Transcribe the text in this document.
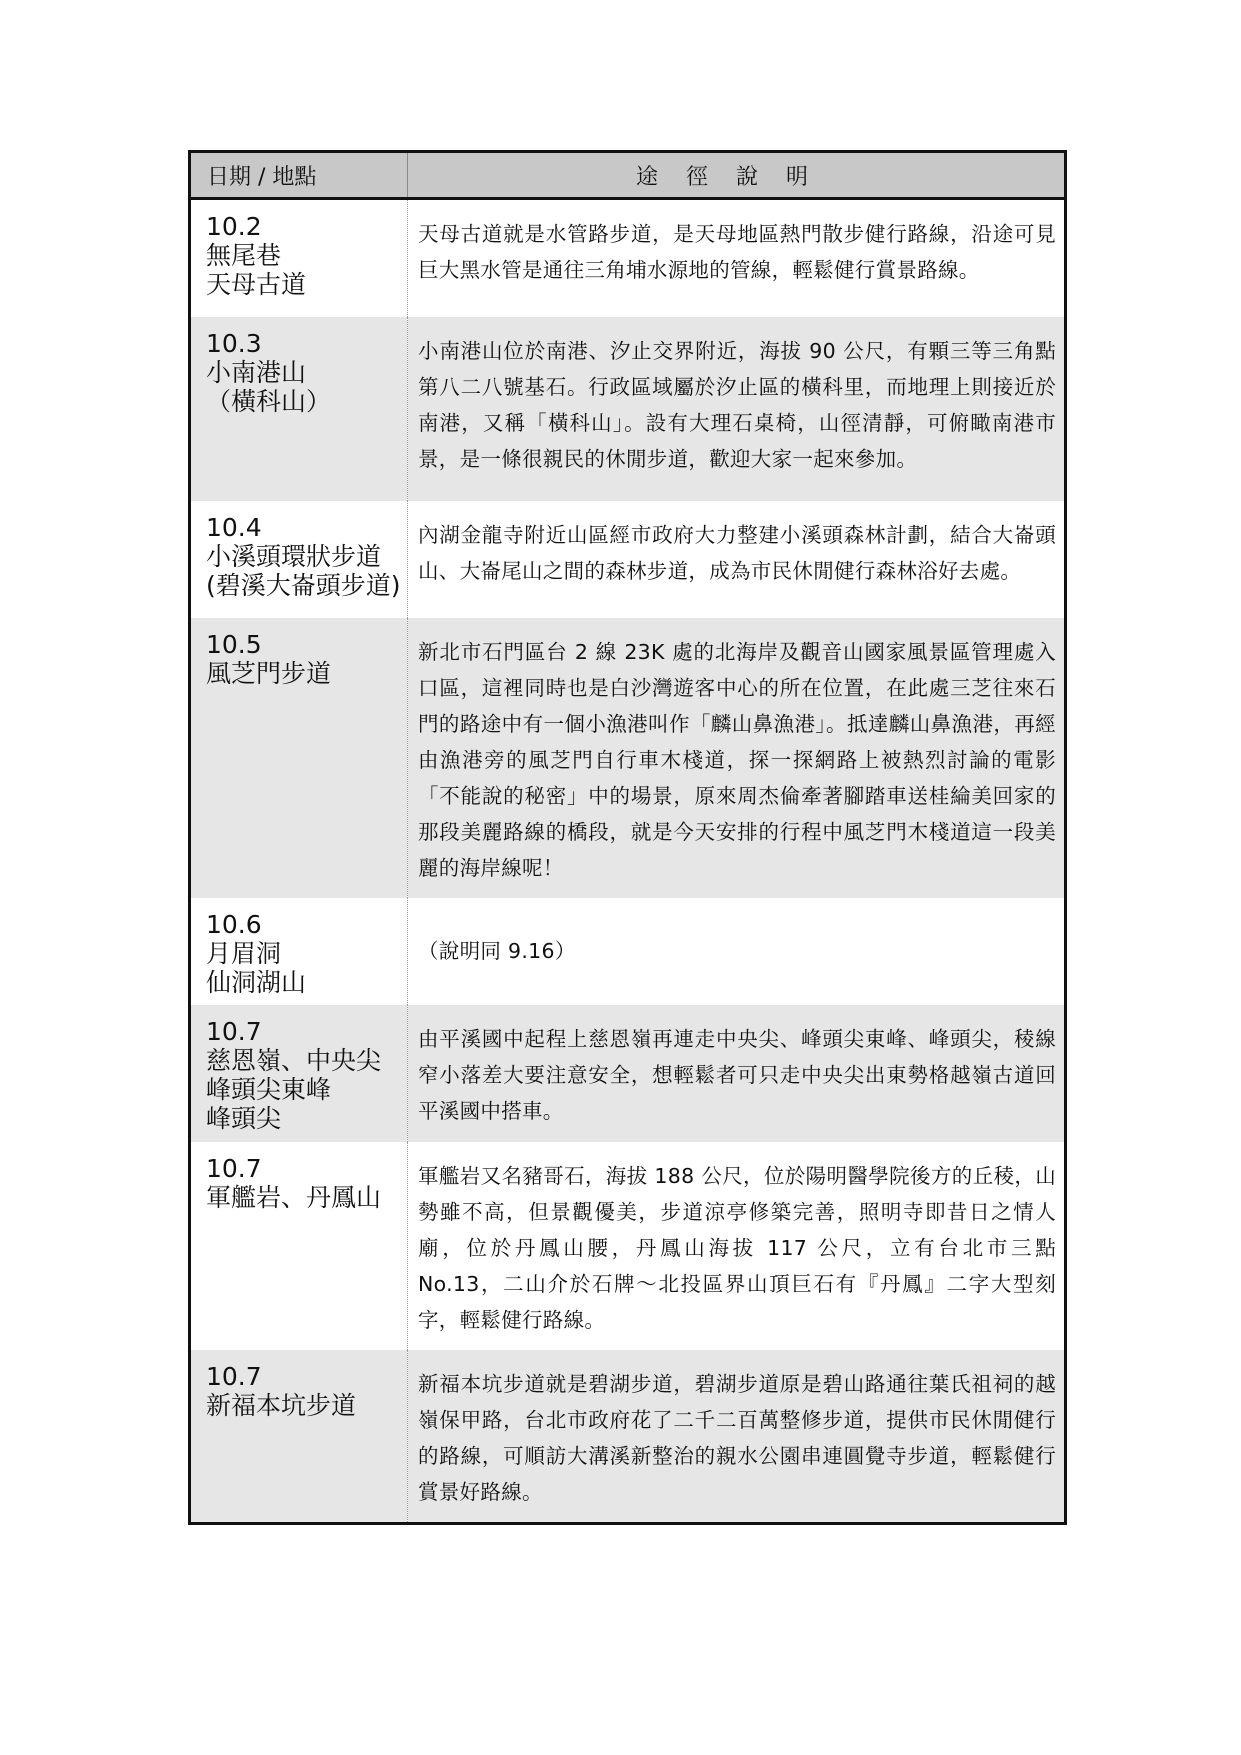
日期 / 地點	途徑說明

10.2
無尾巷
天母古道	天母古道就是水管路步道，是天母地區熱門散步健行路線，沿途可見巨大黑水管是通往三角埔水源地的管線，輕鬆健行賞景路線。

10.3
小南港山
（橫科山）	小南港山位於南港、汐止交界附近，海拔 90 公尺，有顆三等三角點第八二八號基石。行政區域屬於汐止區的橫科里，而地理上則接近於南港，又稱「橫科山」。設有大理石桌椅，山徑清靜，可俯瞰南港市景，是一條很親民的休閒步道，歡迎大家一起來參加。

10.4
小溪頭環狀步道
(碧溪大崙頭步道)	內湖金龍寺附近山區經市政府大力整建小溪頭森林計劃，結合大崙頭山、大崙尾山之間的森林步道，成為市民休閒健行森林浴好去處。

10.5
風芝門步道	新北市石門區台 2 線 23K 處的北海岸及觀音山國家風景區管理處入口區，這裡同時也是白沙灣遊客中心的所在位置，在此處三芝往來石門的路途中有一個小漁港叫作「麟山鼻漁港」。抵達麟山鼻漁港，再經由漁港旁的風芝門自行車木棧道，探一探網路上被熱烈討論的電影「不能說的秘密」中的場景，原來周杰倫牽著腳踏車送桂綸美回家的那段美麗路線的橋段，就是今天安排的行程中風芝門木棧道這一段美麗的海岸線呢！

10.6
月眉洞
仙洞湖山	（說明同 9.16）

10.7
慈恩嶺、中央尖
峰頭尖東峰
峰頭尖	由平溪國中起程上慈恩嶺再連走中央尖、峰頭尖東峰、峰頭尖，稜線窄小落差大要注意安全，想輕鬆者可只走中央尖出東勢格越嶺古道回平溪國中搭車。

10.7
軍艦岩、丹鳳山	軍艦岩又名豬哥石，海拔 188 公尺，位於陽明醫學院後方的丘稜，山勢雖不高，但景觀優美，步道涼亭修築完善，照明寺即昔日之情人廟，位於丹鳳山腰，丹鳳山海拔 117 公尺，立有台北市三點 No.13，二山介於石牌～北投區界山頂巨石有『丹鳳』二字大型刻字，輕鬆健行路線。

10.7
新福本坑步道	新福本坑步道就是碧湖步道，碧湖步道原是碧山路通往葉氏祖祠的越嶺保甲路，台北市政府花了二千二百萬整修步道，提供市民休閒健行的路線，可順訪大溝溪新整治的親水公園串連圓覺寺步道，輕鬆健行賞景好路線。
